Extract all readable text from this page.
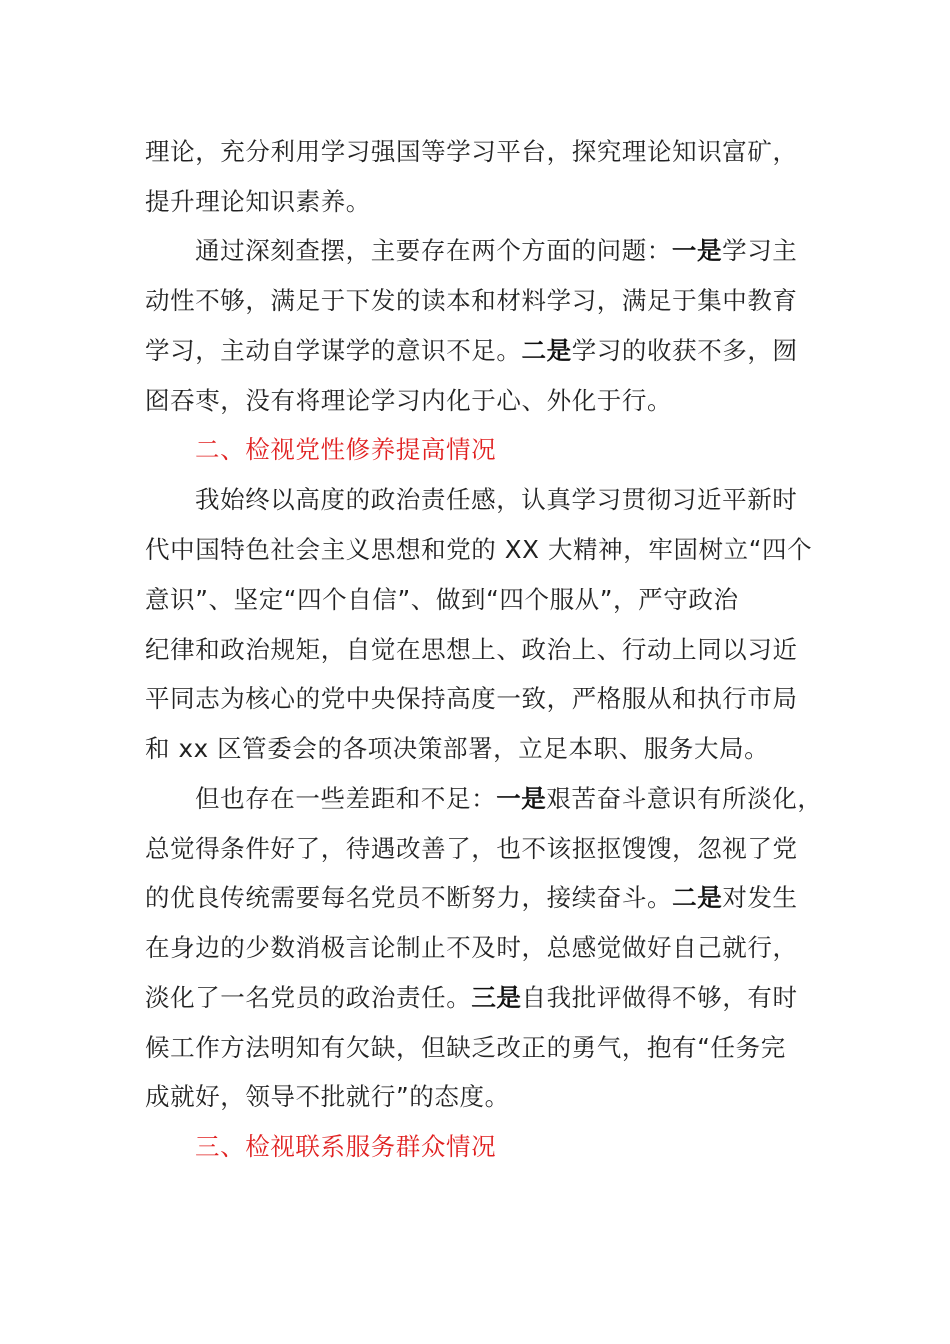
理论，充分利用学习强国等学习平台，探究理论知识富矿，
提升理论知识素养。
通过深刻查摆，主要存在两个方面的问题：一是学习主
动性不够，满足于下发的读本和材料学习，满足于集中教育
学习，主动自学谋学的意识不足。二是学习的收获不多，囫
囵吞枣，没有将理论学习内化于心、外化于行。
二、检视党性修养提高情况
我始终以高度的政治责任感，认真学习贯彻习近平新时
代中国特色社会主义思想和党的 XX 大精神，牢固树立“四个
意识”、坚定“四个自信”、做到“四个服从”，严守政治
纪律和政治规矩，自觉在思想上、政治上、行动上同以习近
平同志为核心的党中央保持高度一致，严格服从和执行市局
和 xx 区管委会的各项决策部署，立足本职、服务大局。
但也存在一些差距和不足：一是艰苦奋斗意识有所淡化，
总觉得条件好了，待遇改善了，也不该抠抠馊馊，忽视了党
的优良传统需要每名党员不断努力，接续奋斗。二是对发生
在身边的少数消极言论制止不及时，总感觉做好自己就行，
淡化了一名党员的政治责任。三是自我批评做得不够，有时
候工作方法明知有欠缺，但缺乏改正的勇气，抱有“任务完
成就好，领导不批就行”的态度。
三、检视联系服务群众情况
